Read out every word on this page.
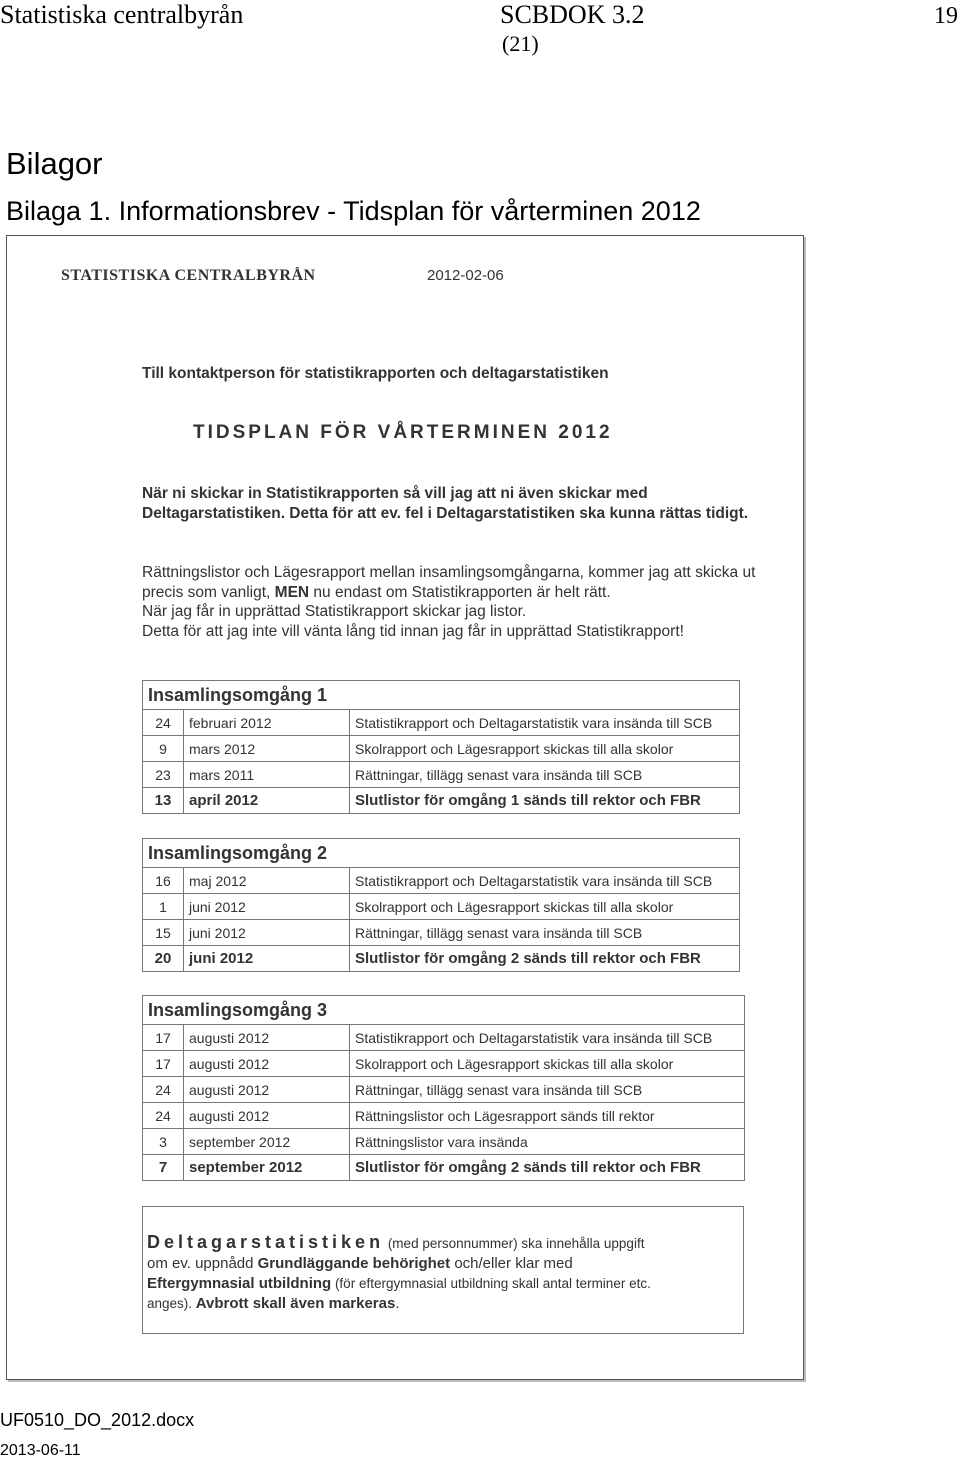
Statistiska centralbyrån	SCBDOK 3.2
(21)
19
Bilagor
Bilaga 1. Informationsbrev - Tidsplan för vårterminen 2012
STATISTISKA CENTRALBYRÅN	2012-02-06
Till kontaktperson för statistikrapporten och deltagarstatistiken
TIDSPLAN FÖR VÅRTERMINEN 2012
När ni skickar in Statistikrapporten så vill jag att ni även skickar med Deltagarstatistiken. Detta för att ev. fel i Deltagarstatistiken ska kunna rättas tidigt.

Rättningslistor och Lägesrapport mellan insamlingsomgångarna, kommer jag att skicka ut precis som vanligt, MEN nu endast om Statistikrapporten är helt rätt.

När jag får in upprättad Statistikrapport skickar jag listor.

Detta för att jag inte vill vänta lång tid innan jag får in upprättad Statistikrapport!

Insamlingsomgång 1		
24	februari 2012	Statistikrapport och Deltagarstatistik vara insända till SCB
9	mars 2012	Skolrapport och Lägesrapport skickas till alla skolor
23	mars 2011	Rättningar, tillägg senast vara insända till SCB
13	april 2012	Slutlistor för omgång 1 sänds till rektor och FBR
Insamlingsomgång 2		
16	maj 2012	Statistikrapport och Deltagarstatistik vara insända till SCB
1	juni 2012	Skolrapport och Lägesrapport skickas till alla skolor
15	juni 2012	Rättningar, tillägg senast vara insända till SCB
20	juni 2012	Slutlistor för omgång 2 sänds till rektor och FBR
Insamlingsomgång 3		
17	augusti 2012	Statistikrapport och Deltagarstatistik vara insända till SCB
17	augusti 2012	Skolrapport och Lägesrapport skickas till alla skolor
24	augusti 2012	Rättningar, tillägg senast vara insända till SCB
24	augusti 2012	Rättningslistor och Lägesrapport sänds till rektor
3	september 2012	Rättningslistor vara insända
7	september 2012	Slutlistor för omgång 2 sänds till rektor och FBR
Deltagarstatistiken (med personnummer) ska innehålla uppgift
om ev. uppnådd Grundläggande behörighet och/eller klar med
Eftergymnasial utbildning (för eftergymnasial utbildning skall antal terminer etc.
anges). Avbrott skall även markeras.
UF0510_DO_2012.docx
2013-06-11
